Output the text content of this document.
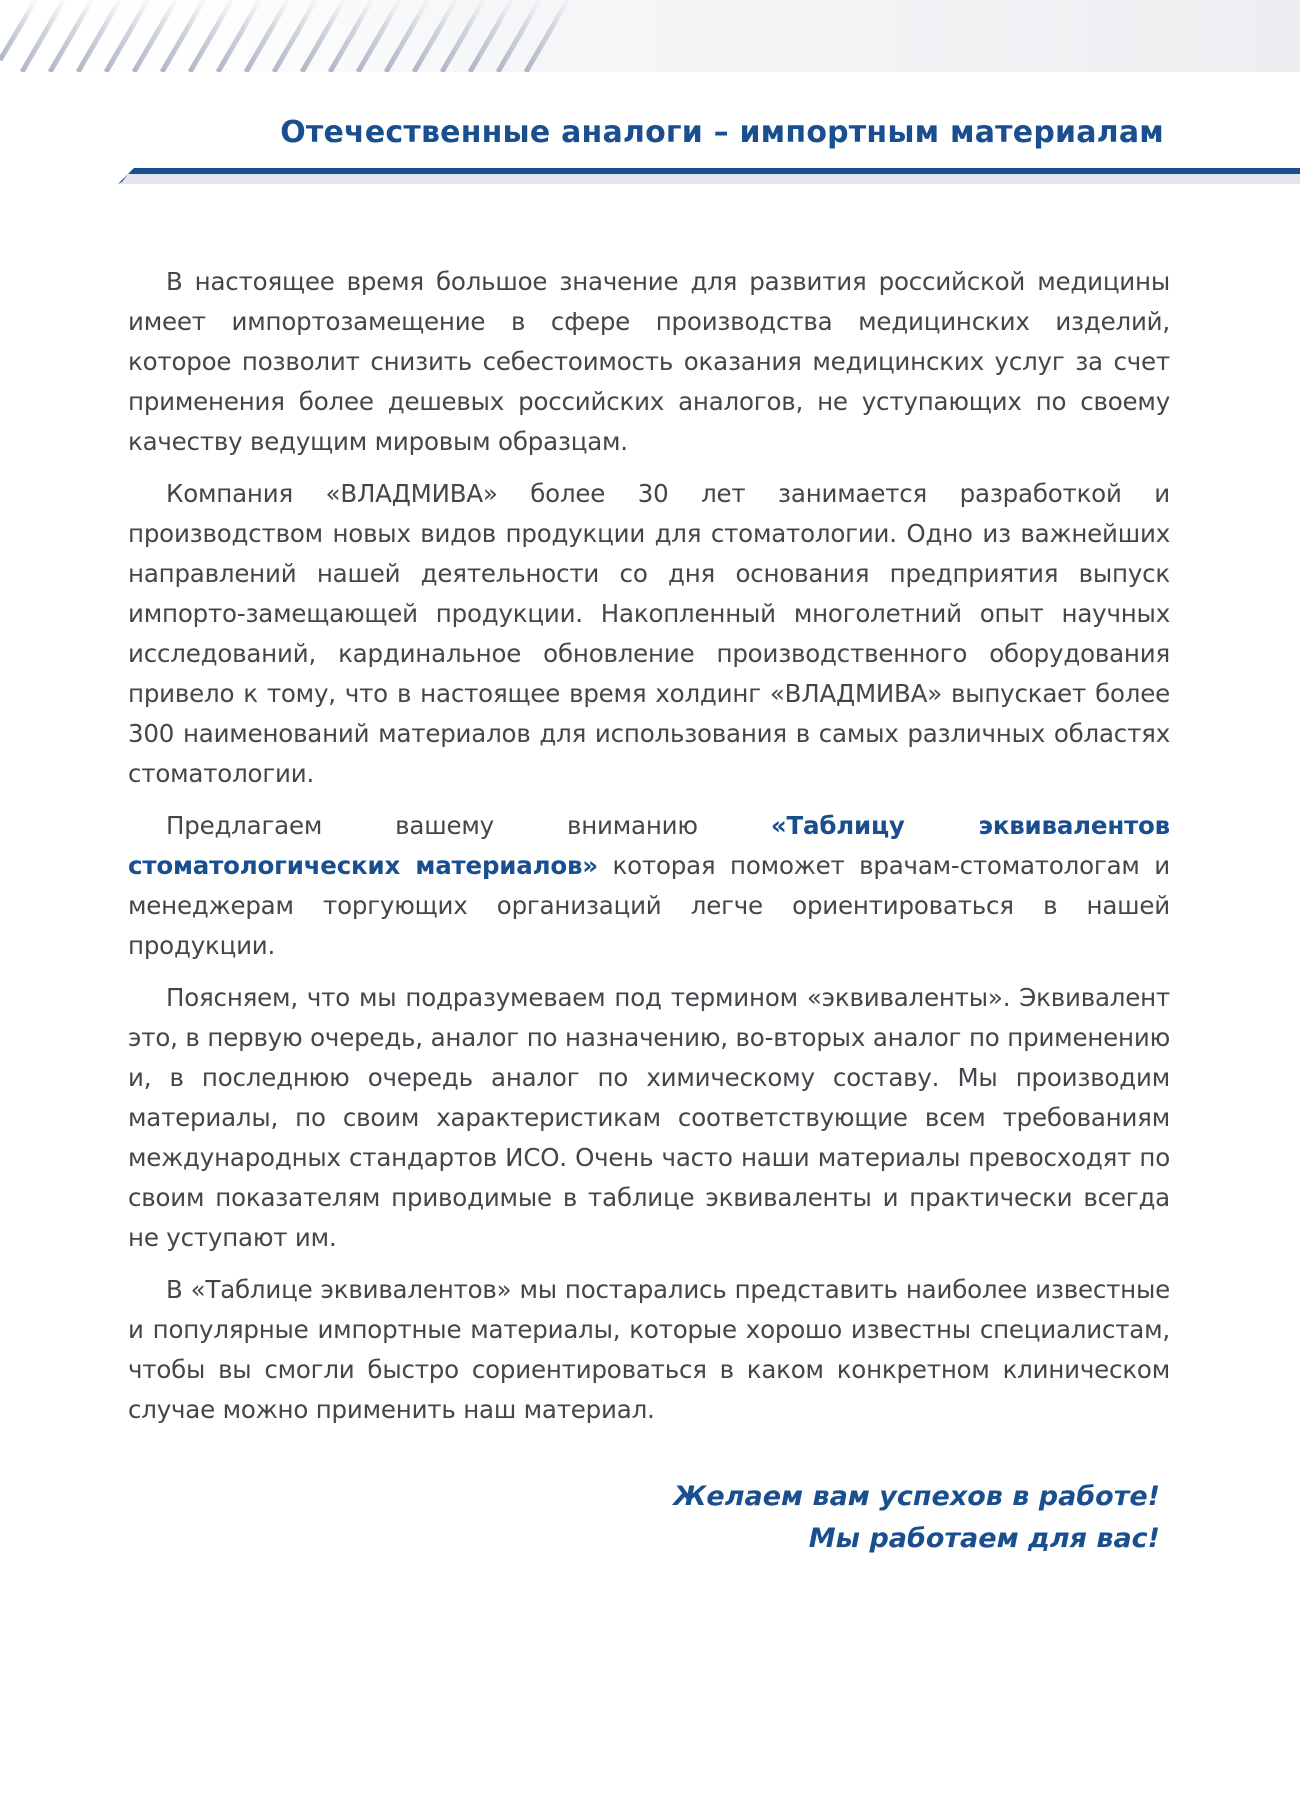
Отечественные аналоги – импортным материалам

В настоящее время большое значение для развития российской медицины имеет импортозамещение в сфере производства медицинских изделий, которое позволит снизить себестоимость оказания медицинских услуг за счет применения более дешевых российских аналогов, не уступающих по своему качеству ведущим мировым образцам.

Компания «ВЛАДМИВА» более 30 лет занимается разработкой и производством новых видов продукции для стоматологии. Одно из важнейших направлений нашей деятельности со дня основания предприятия выпуск импорто-замещающей продукции. Накопленный многолетний опыт научных исследований, кардинальное обновление производственного оборудования привело к тому, что в настоящее время холдинг «ВЛАДМИВА» выпускает более 300 наименований материалов для использования в самых различных областях стоматологии.

Предлагаем вашему вниманию «Таблицу эквивалентов стоматологических материалов» которая поможет врачам-стоматологам и менеджерам торгующих организаций легче ориентироваться в нашей продукции.

Поясняем, что мы подразумеваем под термином «эквиваленты». Эквивалент это, в первую очередь, аналог по назначению, во-вторых аналог по применению и, в последнюю очередь аналог по химическому составу. Мы производим материалы, по своим характеристикам соответствующие всем требованиям международных стандартов ИСО. Очень часто наши материалы превосходят по своим показателям приводимые в таблице эквиваленты и практически всегда не уступают им.

В «Таблице эквивалентов» мы постарались представить наиболее известные и популярные импортные материалы, которые хорошо известны специалистам, чтобы вы смогли быстро сориентироваться в каком конкретном клиническом случае можно применить наш материал.

Желаем вам успехов в работе!
Мы работаем для вас!
